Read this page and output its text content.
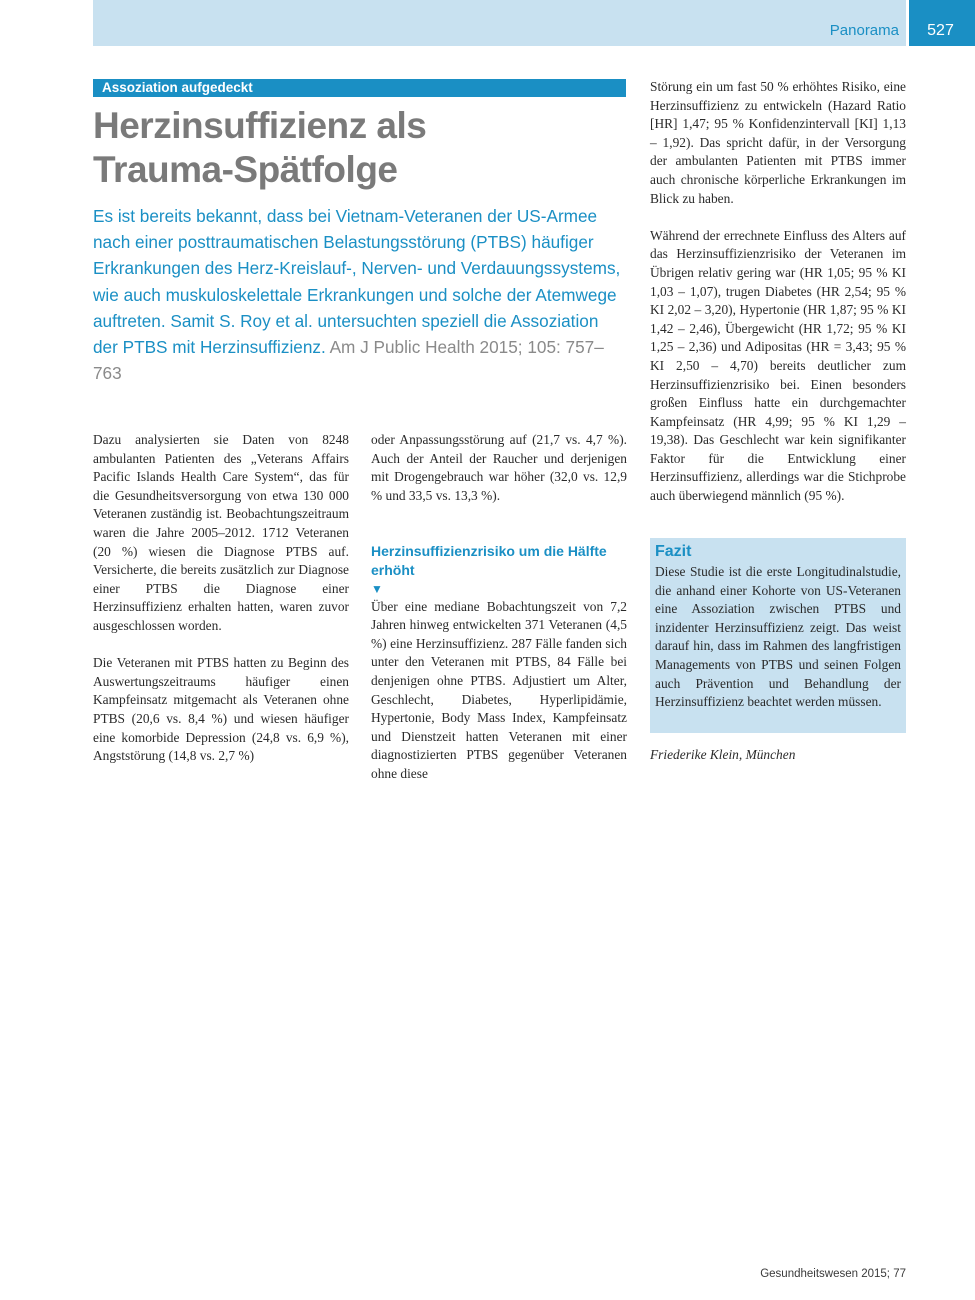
Panorama	527
Assoziation aufgedeckt
Herzinsuffizienz als
Trauma-Spätfolge

Es ist bereits bekannt, dass bei Vietnam-Veteranen der US-Armee nach einer posttraumatischen Belastungsstörung (PTBS) häufiger Erkrankungen des Herz-Kreislauf-, Nerven- und Verdauungssystems, wie auch muskuloskelettale Erkrankungen und solche der Atemwege auftreten. Samit S. Roy et al. untersuchten speziell die Assoziation der PTBS mit Herzinsuffizienz. Am J Public Health 2015; 105: 757–763

Dazu analysierten sie Daten von 8248 ambulanten Patienten des „Veterans Affairs Pacific Islands Health Care System“, das für die Gesundheitsversorgung von etwa 130 000 Veteranen zuständig ist. Beobachtungszeitraum waren die Jahre 2005–2012. 1712 Veteranen (20 %) wiesen die Diagnose PTBS auf. Versicherte, die bereits zusätzlich zur Diagnose einer PTBS die Diagnose einer Herzinsuffizienz erhalten hatten, waren zuvor ausgeschlossen worden.

Die Veteranen mit PTBS hatten zu Beginn des Auswertungszeitraums häufiger einen Kampfeinsatz mitgemacht als Veteranen ohne PTBS (20,6 vs. 8,4 %) und wiesen häufiger eine komorbide Depression (24,8 vs. 6,9 %), Angststörung (14,8 vs. 2,7 %)

oder Anpassungsstörung auf (21,7 vs. 4,7 %). Auch der Anteil der Raucher und derjenigen mit Drogengebrauch war höher (32,0 vs. 12,9 % und 33,5 vs. 13,3 %).

Herzinsuffizienzrisiko um die Hälfte erhöht
▼

Über eine mediane Bobachtungszeit von 7,2 Jahren hinweg entwickelten 371 Veteranen (4,5 %) eine Herzinsuffizienz. 287 Fälle fanden sich unter den Veteranen mit PTBS, 84 Fälle bei denjenigen ohne PTBS. Adjustiert um Alter, Geschlecht, Diabetes, Hyperlipidämie, Hypertonie, Body Mass Index, Kampfeinsatz und Dienstzeit hatten Veteranen mit einer diagnostizierten PTBS gegenüber Veteranen ohne diese

Störung ein um fast 50 % erhöhtes Risiko, eine Herzinsuffizienz zu entwickeln (Hazard Ratio [HR] 1,47; 95 % Konfidenzintervall [KI] 1,13 – 1,92). Das spricht dafür, in der Versorgung der ambulanten Patienten mit PTBS immer auch chronische körperliche Erkrankungen im Blick zu haben.

Während der errechnete Einfluss des Alters auf das Herzinsuffizienzrisiko der Veteranen im Übrigen relativ gering war (HR 1,05; 95 % KI 1,03 – 1,07), trugen Diabetes (HR 2,54; 95 % KI 2,02 – 3,20), Hypertonie (HR 1,87; 95 % KI 1,42 – 2,46), Übergewicht (HR 1,72; 95 % KI 1,25 – 2,36) und Adipositas (HR = 3,43; 95 % KI 2,50 – 4,70) bereits deutlicher zum Herzinsuffizienzrisiko bei. Einen besonders großen Einfluss hatte ein durchgemachter Kampfeinsatz (HR 4,99; 95 % KI 1,29 – 19,38). Das Geschlecht war kein signifikanter Faktor für die Entwicklung einer Herzinsuffizienz, allerdings war die Stichprobe auch überwiegend männlich (95 %).

Fazit

Diese Studie ist die erste Longitudinalstudie, die anhand einer Kohorte von US-Veteranen eine Assoziation zwischen PTBS und inzidenter Herzinsuffizienz zeigt. Das weist darauf hin, dass im Rahmen des langfristigen Managements von PTBS und seinen Folgen auch Prävention und Behandlung der Herzinsuffizienz beachtet werden müssen.

Friederike Klein, München
Gesundheitswesen 2015; 77
